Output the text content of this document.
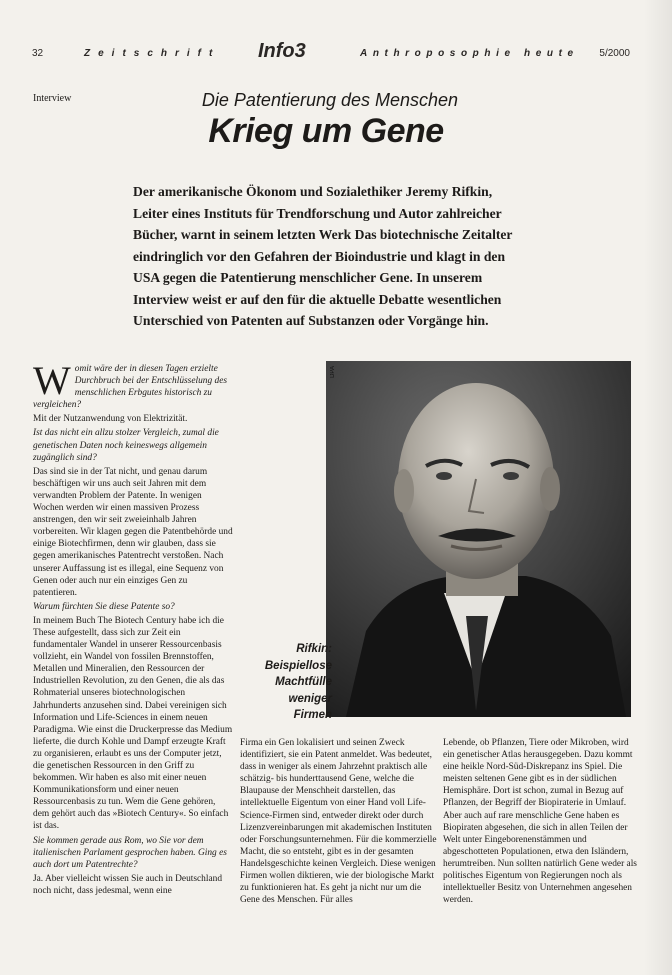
32	Zeitschrift Info3	Anthroposophie heute 5/2000
Interview	Die Patentierung des Menschen
Krieg um Gene

Der amerikanische Ökonom und Sozialethiker Jeremy Rifkin, Leiter eines Instituts für Trendforschung und Autor zahlreicher Bücher, warnt in seinem letzten Werk Das biotechnische Zeitalter eindringlich vor den Gefahren der Bioindustrie und klagt in den USA gegen die Patentierung menschlicher Gene. In unserem Interview weist er auf den für die aktuelle Debatte wesentlichen Unterschied von Patenten auf Substanzen oder Vorgänge hin.

DPA
Rifkin:
Beispiellose
Machtfülle
weniger
Firmen

Womit wäre der in diesen Tagen erzielte Durchbruch bei der Entschlüsselung des menschlichen Erbgutes historisch zu vergleichen?

Mit der Nutzanwendung von Elektrizität.

Ist das nicht ein allzu stolzer Vergleich, zumal die genetischen Daten noch keineswegs allgemein zugänglich sind?

Das sind sie in der Tat nicht, und genau darum beschäftigen wir uns auch seit Jahren mit dem verwandten Problem der Patente. In wenigen Wochen werden wir einen massiven Prozess anstrengen, den wir seit zweieinhalb Jahren vorbereiten. Wir klagen gegen die Patentbehörde und einige Biotechfirmen, denn wir glauben, dass sie gegen amerikanisches Patentrecht verstoßen. Nach unserer Auffassung ist es illegal, eine Sequenz von Genen oder auch nur ein einziges Gen zu patentieren.

Warum fürchten Sie diese Patente so?

In meinem Buch The Biotech Century habe ich die These aufgestellt, dass sich zur Zeit ein fundamentaler Wandel in unserer Ressourcenbasis vollzieht, ein Wandel von fossilen Brennstoffen, Metallen und Mineralien, den Ressourcen der Industriellen Revolution, zu den Genen, die als das Rohmaterial unseres biotechnologischen Jahrhunderts anzusehen sind. Dabei vereinigen sich Information und Life-Sciences in einem neuen Paradigma. Wie einst die Druckerpresse das Medium lieferte, die durch Kohle und Dampf erzeugte Kraft zu organisieren, erlaubt es uns der Computer jetzt, die genetischen Ressourcen in den Griff zu bekommen. Wir haben es also mit einer neuen Kommunikationsform und einer neuen Ressourcenbasis zu tun. Wem die Gene gehören, dem gehört auch das »Biotech Century«. So einfach ist das.

Sie kommen gerade aus Rom, wo Sie vor dem italienischen Parlament gesprochen haben. Ging es auch dort um Patentrechte?

Ja. Aber vielleicht wissen Sie auch in Deutschland noch nicht, dass jedesmal, wenn eine

Firma ein Gen lokalisiert und seinen Zweck identifiziert, sie ein Patent anmeldet. Was bedeutet, dass in weniger als einem Jahrzehnt praktisch alle schätzig- bis hunderttausend Gene, welche die Blaupause der Menschheit darstellen, das intellektuelle Eigentum von einer Hand voll Life-Science-Firmen sind, entweder direkt oder durch Lizenzvereinbarungen mit akademischen Instituten oder Forschungsunternehmen. Für die kommerzielle Macht, die so entsteht, gibt es in der gesamten Handelsgeschichte keinen Vergleich. Diese wenigen Firmen wollen diktieren, wie der biologische Markt zu funktionieren hat. Es geht ja nicht nur um die Gene des Menschen. Für alles

Lebende, ob Pflanzen, Tiere oder Mikroben, wird ein genetischer Atlas herausgegeben. Dazu kommt eine heikle Nord-Süd-Diskrepanz ins Spiel. Die meisten seltenen Gene gibt es in der südlichen Hemisphäre. Dort ist schon, zumal in Bezug auf Pflanzen, der Begriff der Biopiraterie in Umlauf. Aber auch auf rare menschliche Gene haben es Biopiraten abgesehen, die sich in allen Teilen der Welt unter Eingeborenenstämmen und abgeschotteten Populationen, etwa den Isländern, herumtreiben. Nun sollten natürlich Gene weder als politisches Eigentum von Regierungen noch als intellektueller Besitz von Unternehmen angesehen werden.
